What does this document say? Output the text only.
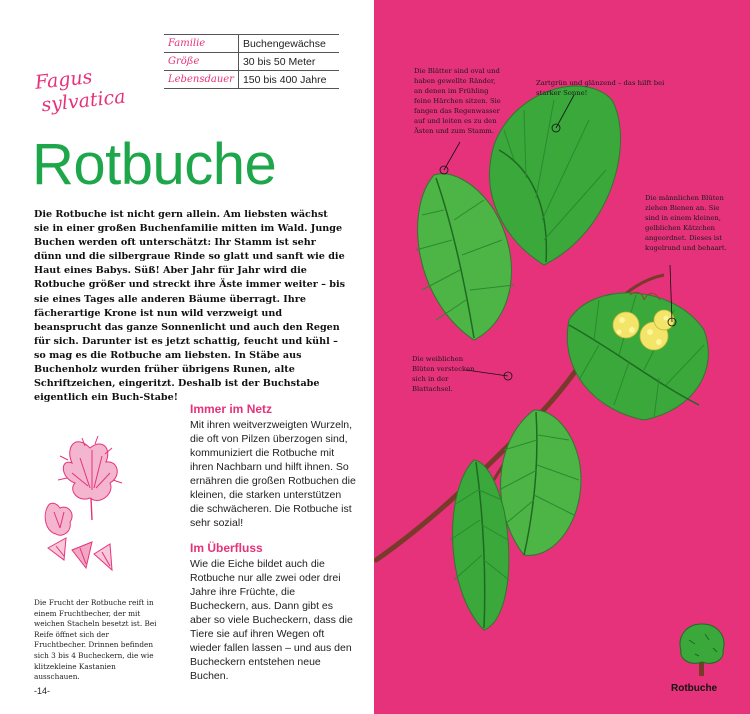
Familie	Buchengewächse
Größe	30 bis 50 Meter
Lebensdauer	150 bis 400 Jahre
Fagus
sylvatica
Rotbuche

Die Rotbuche ist nicht gern allein. Am liebsten wächst sie in einer großen Buchenfamilie mitten im Wald. Junge Buchen werden oft unterschätzt: Ihr Stamm ist sehr dünn und die silbergraue Rinde so glatt und sanft wie die Haut eines Babys. Süß! Aber Jahr für Jahr wird die Rotbuche größer und streckt ihre Äste immer weiter – bis sie eines Tages alle anderen Bäume überragt. Ihre fächerartige Krone ist nun wild verzweigt und beansprucht das ganze Sonnenlicht und auch den Regen für sich. Darunter ist es jetzt schattig, feucht und kühl – so mag es die Rotbuche am liebsten. In Stäbe aus Buchenholz wurden früher übrigens Runen, alte Schriftzeichen, eingeritzt. Deshalb ist der Buchstabe eigentlich ein Buch-Stabe!

Immer im Netz

Mit ihren weitverzweigten Wurzeln, die oft von Pilzen überzogen sind, kommuniziert die Rotbuche mit ihren Nachbarn und hilft ihnen. So ernähren die großen Rotbuchen die kleinen, die starken unterstützen die schwächeren. Die Rotbuche ist sehr sozial!

Im Überfluss

Wie die Eiche bildet auch die Rotbuche nur alle zwei oder drei Jahre ihre Früchte, die Bucheckern, aus. Dann gibt es aber so viele Bucheckern, dass die Tiere sie auf ihren Wegen oft wieder fallen lassen – und aus den Bucheckern entstehen neue Buchen.

Die Frucht der Rotbuche reift in einem Fruchtbecher, der mit weichen Stacheln besetzt ist. Bei Reife öffnet sich der Fruchtbecher. Drinnen befinden sich 3 bis 4 Bucheckern, die wie klitzekleine Kastanien ausschauen.

-14-

Die Blätter sind oval und haben gewellte Ränder, an denen im Frühling feine Härchen sitzen. Sie fangen das Regenwasser auf und leiten es zu den Ästen und zum Stamm.

Zartgrün und glänzend – das hilft bei starker Sonne!

Die männlichen Blüten ziehen Bienen an. Sie sind in einem kleinen, gelblichen Kätzchen angeordnet. Dieses ist kugelrund und behaart.

Die weiblichen Blüten verstecken sich in der Blattachsel.

Rotbuche
